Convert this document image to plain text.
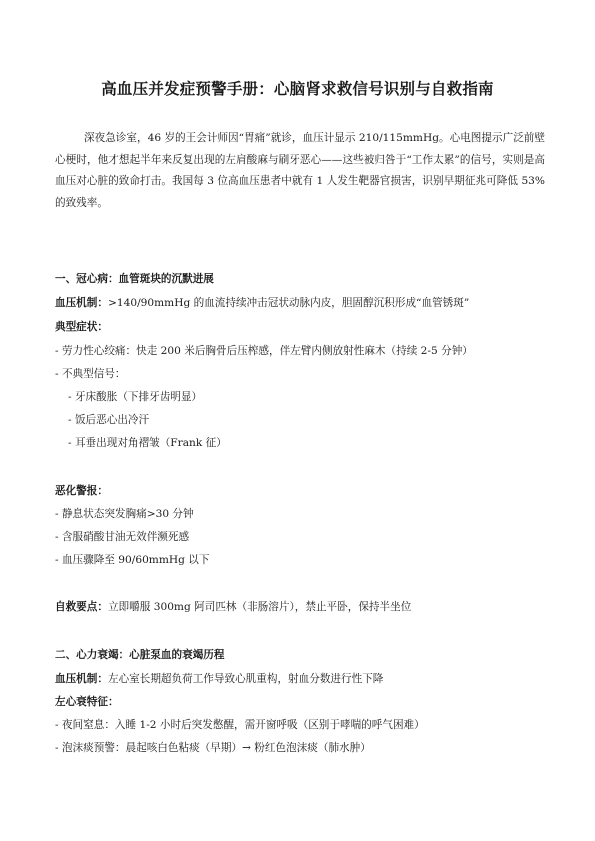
高血压并发症预警手册：心脑肾求救信号识别与自救指南

深夜急诊室，46 岁的王会计师因“胃痛”就诊，血压计显示 210/115mmHg。心电图提示广泛前壁心梗时，他才想起半年来反复出现的左肩酸麻与刷牙恶心——这些被归咎于“工作太累”的信号，实则是高血压对心脏的致命打击。我国每 3 位高血压患者中就有 1 人发生靶器官损害，识别早期征兆可降低 53%的致残率。

一、冠心病：血管斑块的沉默进展

血压机制：>140/90mmHg 的血流持续冲击冠状动脉内皮，胆固醇沉积形成“血管锈斑”

典型症状：

- 劳力性心绞痛：快走 200 米后胸骨后压榨感，伴左臂内侧放射性麻木（持续 2-5 分钟）

- 不典型信号：

- 牙床酸胀（下排牙齿明显）

- 饭后恶心出冷汗

- 耳垂出现对角褶皱（Frank 征）

恶化警报：

- 静息状态突发胸痛>30 分钟

- 含服硝酸甘油无效伴濒死感

- 血压骤降至 90/60mmHg 以下

自救要点：立即嚼服 300mg 阿司匹林（非肠溶片），禁止平卧，保持半坐位

二、心力衰竭：心脏泵血的衰竭历程

血压机制：左心室长期超负荷工作导致心肌重构，射血分数进行性下降

左心衰特征：

- 夜间窒息：入睡 1-2 小时后突发憋醒，需开窗呼吸（区别于哮喘的呼气困难）

- 泡沫痰预警：晨起咳白色粘痰（早期）→ 粉红色泡沫痰（肺水肿）
